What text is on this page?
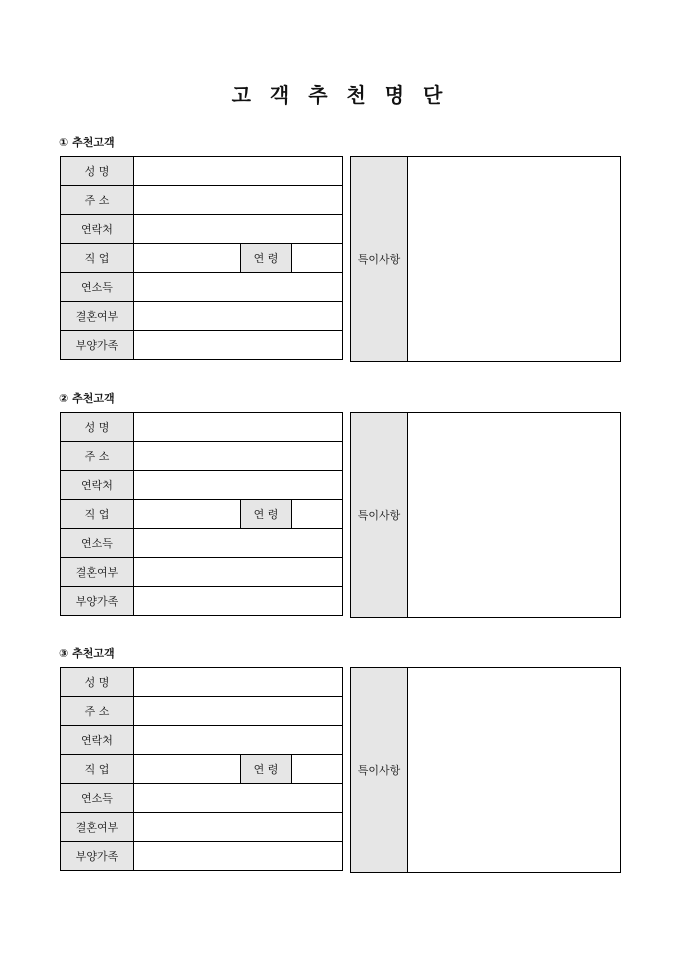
고 객 추 천 명 단
① 추천고객
성 명			
주 소			
연락처			
직 업		연 령	
연소득			
결혼여부			
부양가족			
특이사항
② 추천고객
성 명			
주 소			
연락처			
직 업		연 령	
연소득			
결혼여부			
부양가족			
특이사항
③ 추천고객
성 명			
주 소			
연락처			
직 업		연 령	
연소득			
결혼여부			
부양가족			
특이사항
